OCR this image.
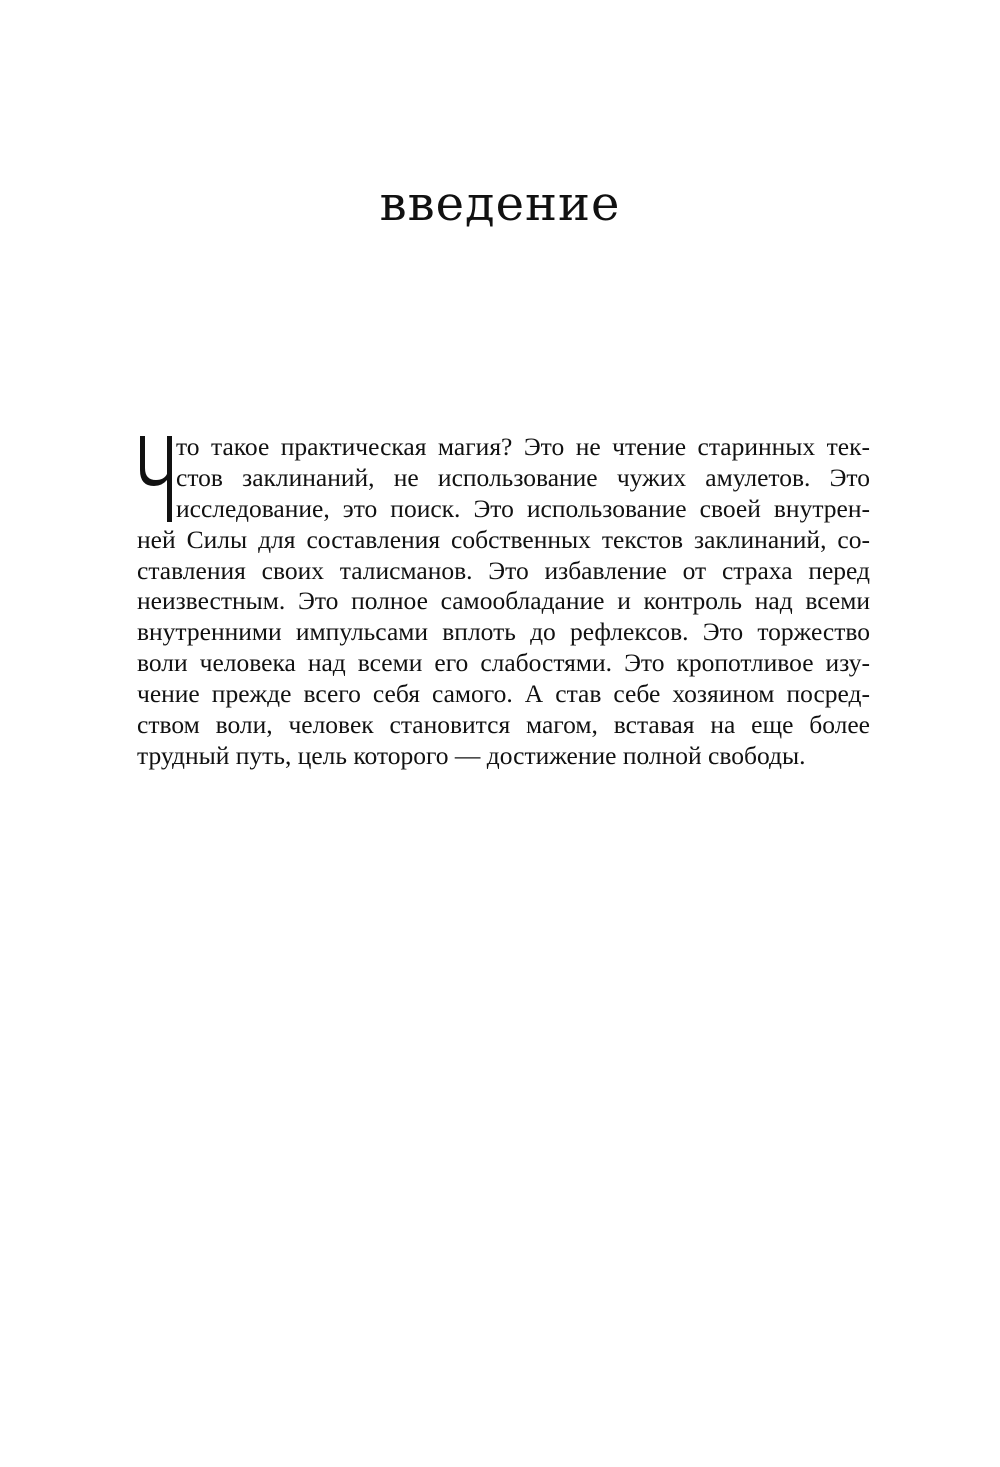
введение
то такое практическая магия? Это не чтение старинных тек-
стов заклинаний, не использование чужих амулетов. Это
исследование, это поиск. Это использование своей внутрен-
ней Силы для составления собственных текстов заклинаний, со-
ставления своих талисманов. Это избавление от страха перед
неизвестным. Это полное самообладание и контроль над всеми
внутренними импульсами вплоть до рефлексов. Это торжество
воли человека над всеми его слабостями. Это кропотливое изу-
чение прежде всего себя самого. А став себе хозяином посред-
ством воли, человек становится магом, вставая на еще более
трудный путь, цель которого — достижение полной свободы.
